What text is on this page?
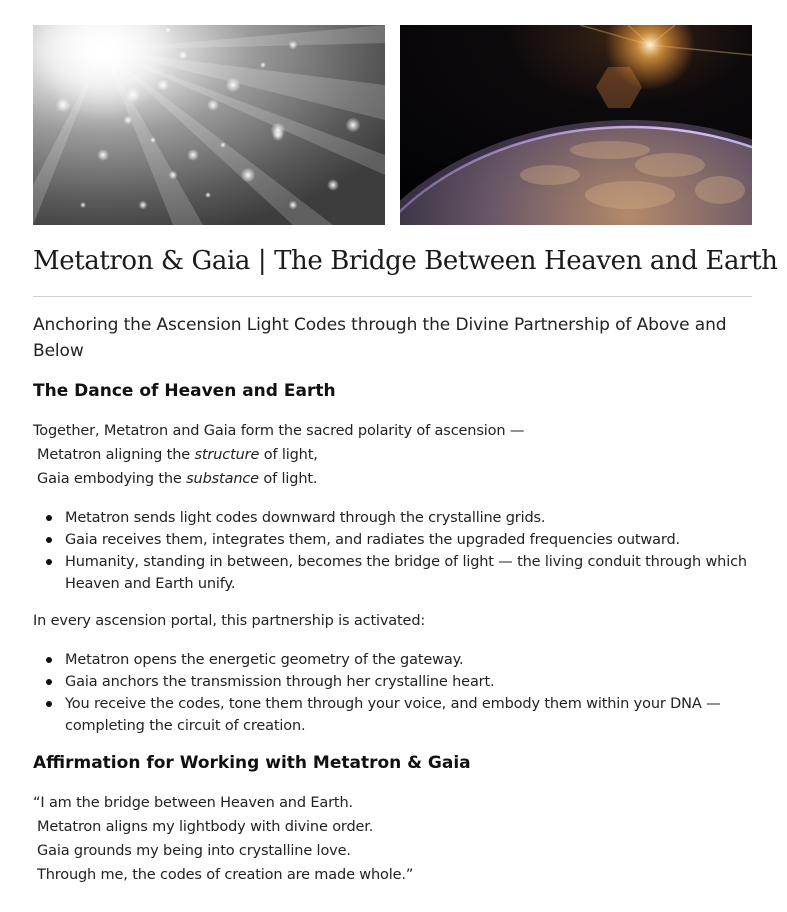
Metatron & Gaia | The Bridge Between Heaven and Earth

Anchoring the Ascension Light Codes through the Divine Partnership of Above and Below

The Dance of Heaven and Earth

Together, Metatron and Gaia form the sacred polarity of ascension —
Metatron aligning the structure of light,
Gaia embodying the substance of light.

Metatron sends light codes downward through the crystalline grids.
Gaia receives them, integrates them, and radiates the upgraded frequencies outward.
Humanity, standing in between, becomes the bridge of light — the living conduit through which Heaven and Earth unify.

In every ascension portal, this partnership is activated:

Metatron opens the energetic geometry of the gateway.
Gaia anchors the transmission through her crystalline heart.
You receive the codes, tone them through your voice, and embody them within your DNA — completing the circuit of creation.
Affirmation for Working with Metatron & Gaia

“I am the bridge between Heaven and Earth.
Metatron aligns my lightbody with divine order.
Gaia grounds my being into crystalline love.
Through me, the codes of creation are made whole.”
